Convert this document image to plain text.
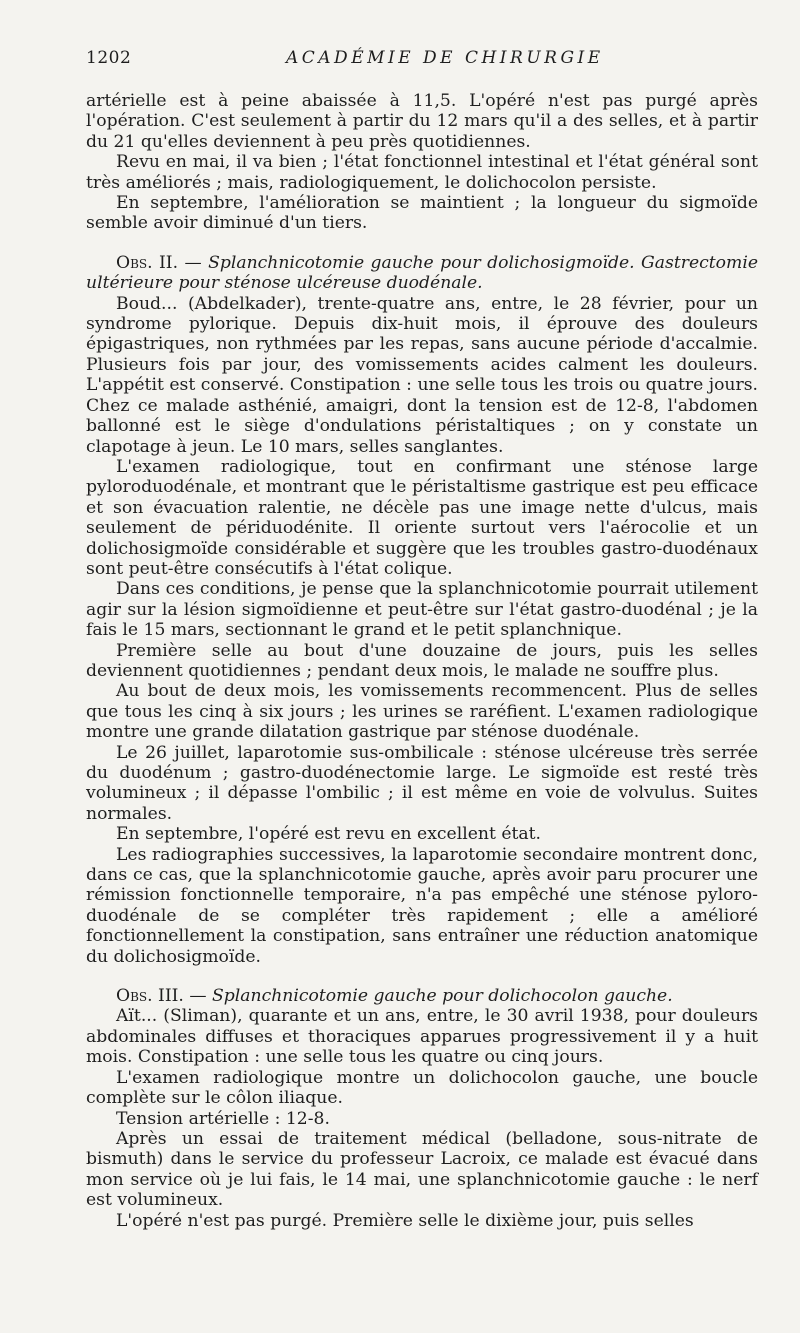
1202	ACADÉMIE DE CHIRURGIE

artérielle est à peine abaissée à 11,5. L'opéré n'est pas purgé après l'opération. C'est seulement à partir du 12 mars qu'il a des selles, et à partir du 21 qu'elles deviennent à peu près quotidiennes.

Revu en mai, il va bien ; l'état fonctionnel intestinal et l'état général sont très améliorés ; mais, radiologiquement, le dolichocolon persiste.

En septembre, l'amélioration se maintient ; la longueur du sigmoïde semble avoir diminué d'un tiers.

Obs. II. — Splanchnicotomie gauche pour dolichosigmoïde. Gastrectomie ultérieure pour sténose ulcéreuse duodénale.

Boud... (Abdelkader), trente-quatre ans, entre, le 28 février, pour un syndrome pylorique. Depuis dix-huit mois, il éprouve des douleurs épigastriques, non rythmées par les repas, sans aucune période d'accalmie. Plusieurs fois par jour, des vomissements acides calment les douleurs. L'appétit est conservé. Constipation : une selle tous les trois ou quatre jours. Chez ce malade asthénié, amaigri, dont la tension est de 12-8, l'abdomen ballonné est le siège d'ondulations péristaltiques ; on y constate un clapotage à jeun. Le 10 mars, selles sanglantes.

L'examen radiologique, tout en confirmant une sténose large pyloroduodénale, et montrant que le péristaltisme gastrique est peu efficace et son évacuation ralentie, ne décèle pas une image nette d'ulcus, mais seulement de périduodénite. Il oriente surtout vers l'aérocolie et un dolichosigmoïde considérable et suggère que les troubles gastro-duodénaux sont peut-être consécutifs à l'état colique.

Dans ces conditions, je pense que la splanchnicotomie pourrait utilement agir sur la lésion sigmoïdienne et peut-être sur l'état gastro-duodénal ; je la fais le 15 mars, sectionnant le grand et le petit splanchnique.

Première selle au bout d'une douzaine de jours, puis les selles deviennent quotidiennes ; pendant deux mois, le malade ne souffre plus.

Au bout de deux mois, les vomissements recommencent. Plus de selles que tous les cinq à six jours ; les urines se raréfient. L'examen radiologique montre une grande dilatation gastrique par sténose duodénale.

Le 26 juillet, laparotomie sus-ombilicale : sténose ulcéreuse très serrée du duodénum ; gastro-duodénectomie large. Le sigmoïde est resté très volumineux ; il dépasse l'ombilic ; il est même en voie de volvulus. Suites normales.

En septembre, l'opéré est revu en excellent état.

Les radiographies successives, la laparotomie secondaire montrent donc, dans ce cas, que la splanchnicotomie gauche, après avoir paru procurer une rémission fonctionnelle temporaire, n'a pas empêché une sténose pyloro-duodénale de se compléter très rapidement ; elle a amélioré fonctionnellement la constipation, sans entraîner une réduction anatomique du dolichosigmoïde.

Obs. III. — Splanchnicotomie gauche pour dolichocolon gauche.

Aït... (Sliman), quarante et un ans, entre, le 30 avril 1938, pour douleurs abdominales diffuses et thoraciques apparues progressivement il y a huit mois. Constipation : une selle tous les quatre ou cinq jours.

L'examen radiologique montre un dolichocolon gauche, une boucle complète sur le côlon iliaque.

Tension artérielle : 12-8.

Après un essai de traitement médical (belladone, sous-nitrate de bismuth) dans le service du professeur Lacroix, ce malade est évacué dans mon service où je lui fais, le 14 mai, une splanchnicotomie gauche : le nerf est volumineux.

L'opéré n'est pas purgé. Première selle le dixième jour, puis selles
